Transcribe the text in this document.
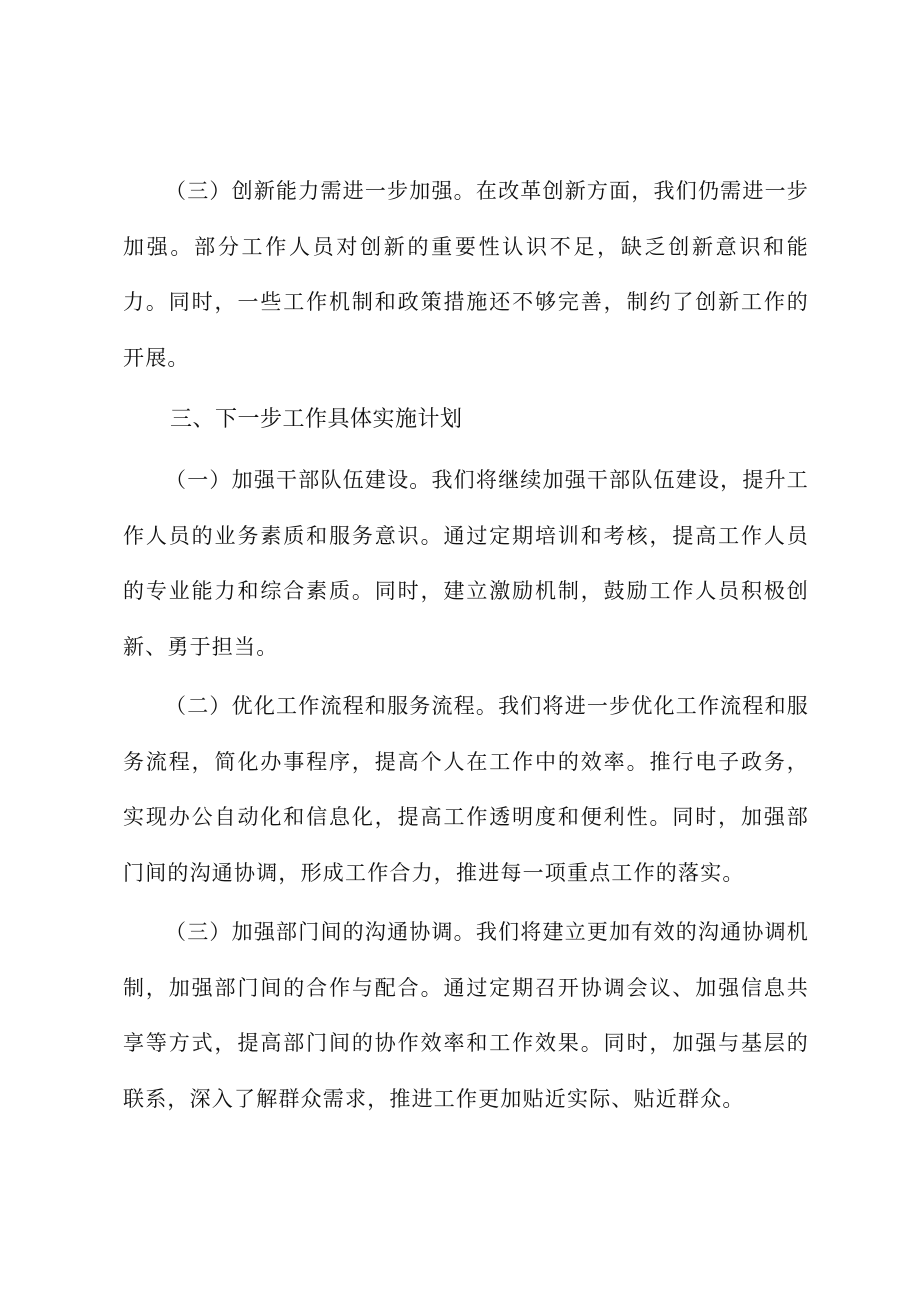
（三）创新能力需进一步加强。在改革创新方面，我们仍需进一步加强。部分工作人员对创新的重要性认识不足，缺乏创新意识和能力。同时，一些工作机制和政策措施还不够完善，制约了创新工作的开展。

三、下一步工作具体实施计划

（一）加强干部队伍建设。我们将继续加强干部队伍建设，提升工作人员的业务素质和服务意识。通过定期培训和考核，提高工作人员的专业能力和综合素质。同时，建立激励机制，鼓励工作人员积极创新、勇于担当。

（二）优化工作流程和服务流程。我们将进一步优化工作流程和服务流程，简化办事程序，提高个人在工作中的效率。推行电子政务，实现办公自动化和信息化，提高工作透明度和便利性。同时，加强部门间的沟通协调，形成工作合力，推进每一项重点工作的落实。

（三）加强部门间的沟通协调。我们将建立更加有效的沟通协调机制，加强部门间的合作与配合。通过定期召开协调会议、加强信息共享等方式，提高部门间的协作效率和工作效果。同时，加强与基层的联系，深入了解群众需求，推进工作更加贴近实际、贴近群众。
